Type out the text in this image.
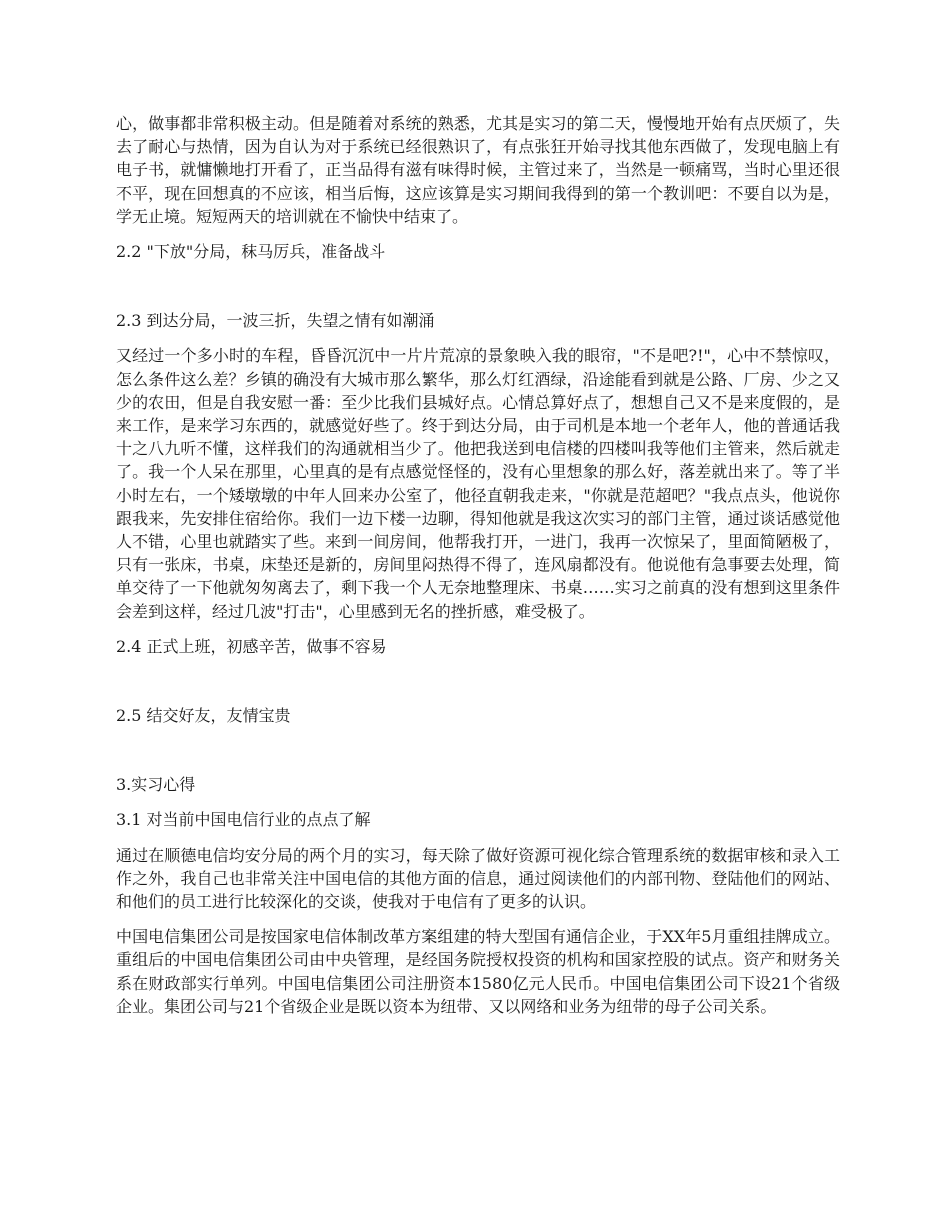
心，做事都非常积极主动。但是随着对系统的熟悉，尤其是实习的第二天，慢慢地开始有点厌烦了，失去了耐心与热情，因为自认为对于系统已经很熟识了，有点张狂开始寻找其他东西做了，发现电脑上有电子书，就慵懒地打开看了，正当品得有滋有味得时候，主管过来了，当然是一顿痛骂，当时心里还很不平，现在回想真的不应该，相当后悔，这应该算是实习期间我得到的第一个教训吧：不要自以为是，学无止境。短短两天的培训就在不愉快中结束了。

2.2 "下放"分局，秣马厉兵，准备战斗

2.3 到达分局，一波三折，失望之情有如潮涌

又经过一个多小时的车程，昏昏沉沉中一片片荒凉的景象映入我的眼帘，"不是吧?!"，心中不禁惊叹，怎么条件这么差？乡镇的确没有大城市那么繁华，那么灯红酒绿，沿途能看到就是公路、厂房、少之又少的农田，但是自我安慰一番：至少比我们县城好点。心情总算好点了，想想自己又不是来度假的，是来工作，是来学习东西的，就感觉好些了。终于到达分局，由于司机是本地一个老年人，他的普通话我十之八九听不懂，这样我们的沟通就相当少了。他把我送到电信楼的四楼叫我等他们主管来，然后就走了。我一个人呆在那里，心里真的是有点感觉怪怪的，没有心里想象的那么好，落差就出来了。等了半小时左右，一个矮墩墩的中年人回来办公室了，他径直朝我走来，"你就是范超吧？"我点点头，他说你跟我来，先安排住宿给你。我们一边下楼一边聊，得知他就是我这次实习的部门主管，通过谈话感觉他人不错，心里也就踏实了些。来到一间房间，他帮我打开，一进门，我再一次惊呆了，里面简陋极了，只有一张床，书桌，床垫还是新的，房间里闷热得不得了，连风扇都没有。他说他有急事要去处理，简单交待了一下他就匆匆离去了，剩下我一个人无奈地整理床、书桌……实习之前真的没有想到这里条件会差到这样，经过几波"打击"，心里感到无名的挫折感，难受极了。

2.4 正式上班，初感辛苦，做事不容易

2.5 结交好友，友情宝贵

3.实习心得

3.1 对当前中国电信行业的点点了解

通过在顺德电信均安分局的两个月的实习，每天除了做好资源可视化综合管理系统的数据审核和录入工作之外，我自己也非常关注中国电信的其他方面的信息，通过阅读他们的内部刊物、登陆他们的网站、和他们的员工进行比较深化的交谈，使我对于电信有了更多的认识。

中国电信集团公司是按国家电信体制改革方案组建的特大型国有通信企业，于XX年5月重组挂牌成立。重组后的中国电信集团公司由中央管理，是经国务院授权投资的机构和国家控股的试点。资产和财务关系在财政部实行单列。中国电信集团公司注册资本1580亿元人民币。中国电信集团公司下设21个省级企业。集团公司与21个省级企业是既以资本为纽带、又以网络和业务为纽带的母子公司关系。
